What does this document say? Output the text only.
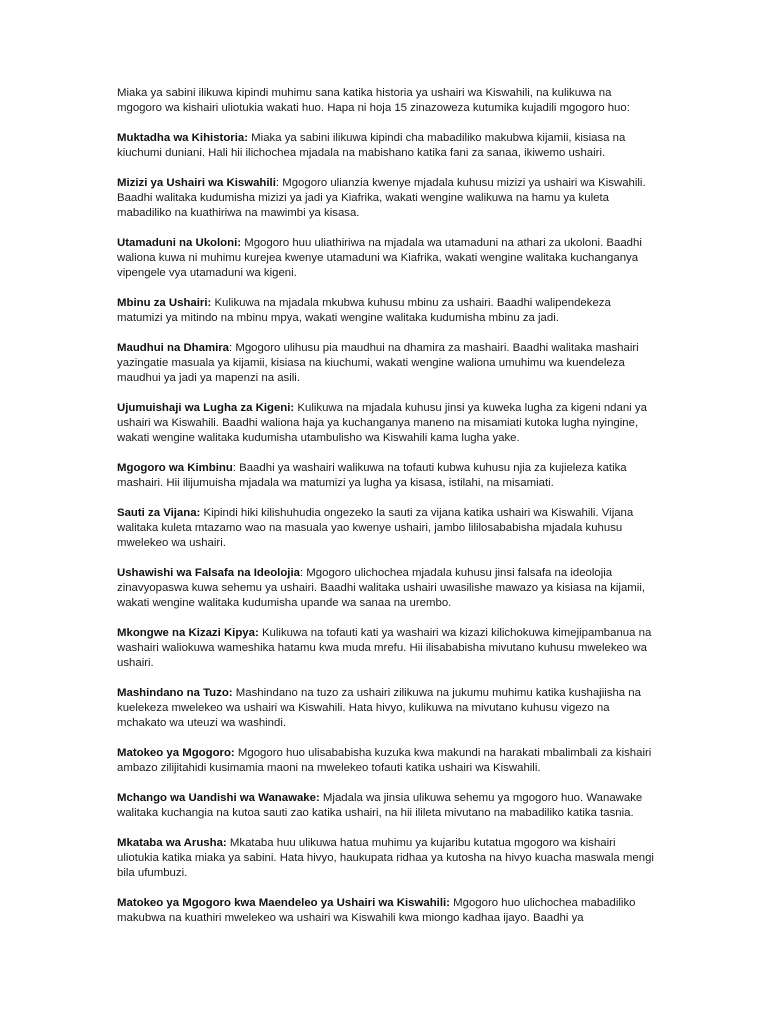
Miaka ya sabini ilikuwa kipindi muhimu sana katika historia ya ushairi wa Kiswahili, na kulikuwa na mgogoro wa kishairi uliotukia wakati huo. Hapa ni hoja 15 zinazoweza kutumika kujadili mgogoro huo:

Muktadha wa Kihistoria: Miaka ya sabini ilikuwa kipindi cha mabadiliko makubwa kijamii, kisiasa na kiuchumi duniani. Hali hii ilichochea mjadala na mabishano katika fani za sanaa, ikiwemo ushairi.

Mizizi ya Ushairi wa Kiswahili: Mgogoro ulianzia kwenye mjadala kuhusu mizizi ya ushairi wa Kiswahili. Baadhi walitaka kudumisha mizizi ya jadi ya Kiafrika, wakati wengine walikuwa na hamu ya kuleta mabadiliko na kuathiriwa na mawimbi ya kisasa.

Utamaduni na Ukoloni: Mgogoro huu uliathiriwa na mjadala wa utamaduni na athari za ukoloni. Baadhi waliona kuwa ni muhimu kurejea kwenye utamaduni wa Kiafrika, wakati wengine walitaka kuchanganya vipengele vya utamaduni wa kigeni.

Mbinu za Ushairi: Kulikuwa na mjadala mkubwa kuhusu mbinu za ushairi. Baadhi walipendekeza matumizi ya mitindo na mbinu mpya, wakati wengine walitaka kudumisha mbinu za jadi.

Maudhui na Dhamira: Mgogoro ulihusu pia maudhui na dhamira za mashairi. Baadhi walitaka mashairi yazingatie masuala ya kijamii, kisiasa na kiuchumi, wakati wengine waliona umuhimu wa kuendeleza maudhui ya jadi ya mapenzi na asili.

Ujumuishaji wa Lugha za Kigeni: Kulikuwa na mjadala kuhusu jinsi ya kuweka lugha za kigeni ndani ya ushairi wa Kiswahili. Baadhi waliona haja ya kuchanganya maneno na misamiati kutoka lugha nyingine, wakati wengine walitaka kudumisha utambulisho wa Kiswahili kama lugha yake.

Mgogoro wa Kimbinu: Baadhi ya washairi walikuwa na tofauti kubwa kuhusu njia za kujieleza katika mashairi. Hii ilijumuisha mjadala wa matumizi ya lugha ya kisasa, istilahi, na misamiati.

Sauti za Vijana: Kipindi hiki kilishuhudia ongezeko la sauti za vijana katika ushairi wa Kiswahili. Vijana walitaka kuleta mtazamo wao na masuala yao kwenye ushairi, jambo lililosababisha mjadala kuhusu mwelekeo wa ushairi.

Ushawishi wa Falsafa na Ideolojia: Mgogoro ulichochea mjadala kuhusu jinsi falsafa na ideolojia zinavyopaswa kuwa sehemu ya ushairi. Baadhi walitaka ushairi uwasilishe mawazo ya kisiasa na kijamii, wakati wengine walitaka kudumisha upande wa sanaa na urembo.

Mkongwe na Kizazi Kipya: Kulikuwa na tofauti kati ya washairi wa kizazi kilichokuwa kimejipambanua na washairi waliokuwa wameshika hatamu kwa muda mrefu. Hii ilisababisha mivutano kuhusu mwelekeo wa ushairi.

Mashindano na Tuzo: Mashindano na tuzo za ushairi zilikuwa na jukumu muhimu katika kushajiisha na kuelekeza mwelekeo wa ushairi wa Kiswahili. Hata hivyo, kulikuwa na mivutano kuhusu vigezo na mchakato wa uteuzi wa washindi.

Matokeo ya Mgogoro: Mgogoro huo ulisababisha kuzuka kwa makundi na harakati mbalimbali za kishairi ambazo zilijitahidi kusimamia maoni na mwelekeo tofauti katika ushairi wa Kiswahili.

Mchango wa Uandishi wa Wanawake: Mjadala wa jinsia ulikuwa sehemu ya mgogoro huo. Wanawake walitaka kuchangia na kutoa sauti zao katika ushairi, na hii ilileta mivutano na mabadiliko katika tasnia.

Mkataba wa Arusha: Mkataba huu ulikuwa hatua muhimu ya kujaribu kutatua mgogoro wa kishairi uliotukia katika miaka ya sabini. Hata hivyo, haukupata ridhaa ya kutosha na hivyo kuacha maswala mengi bila ufumbuzi.

Matokeo ya Mgogoro kwa Maendeleo ya Ushairi wa Kiswahili: Mgogoro huo ulichochea mabadiliko makubwa na kuathiri mwelekeo wa ushairi wa Kiswahili kwa miongo kadhaa ijayo. Baadhi ya
